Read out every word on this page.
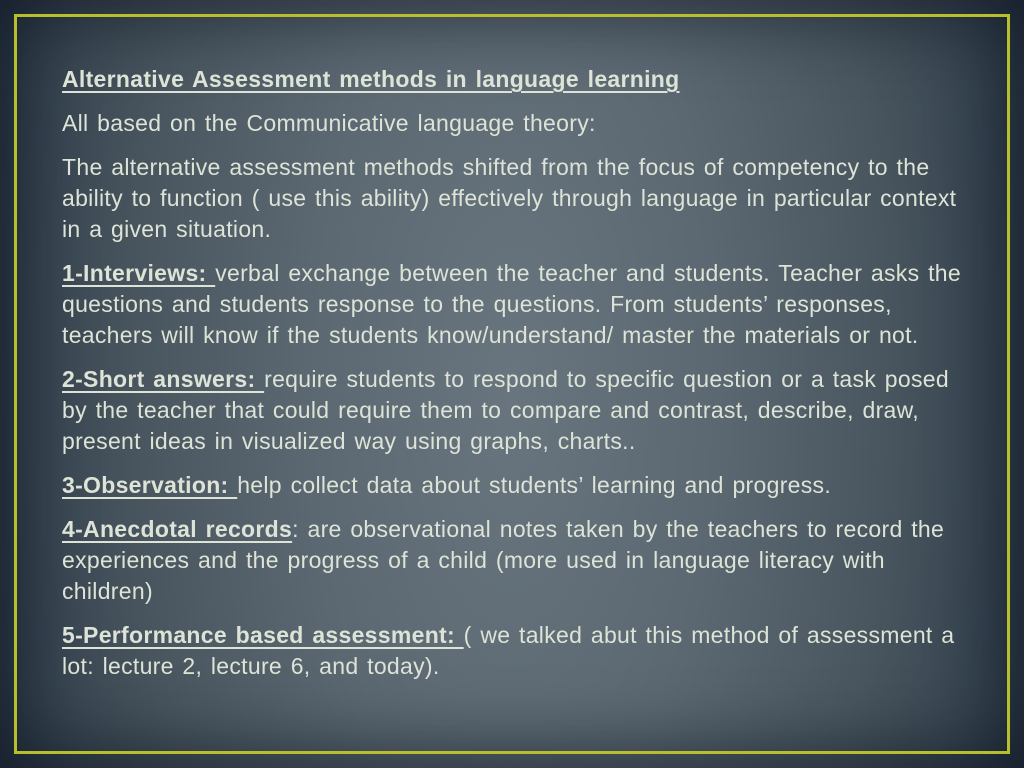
Alternative Assessment methods in language learning

All based on the Communicative language theory:

The alternative assessment methods shifted from the focus of competency to the ability to function ( use this ability) effectively through language in particular context in a given situation.

1-Interviews: verbal exchange between the teacher and students. Teacher asks the questions and students response to the questions. From students’ responses, teachers will know if the students know/understand/ master the materials or not.

2-Short answers: require students to respond to specific question or a task posed by the teacher that could require them to compare and contrast, describe, draw, present ideas in visualized way using graphs, charts..

3-Observation: help collect data about students’ learning and progress.

4-Anecdotal records: are observational notes taken by the teachers to record the experiences and the progress of a child (more used in language literacy with children)

5-Performance based assessment: ( we talked abut this method of assessment a lot: lecture 2, lecture 6, and today).
